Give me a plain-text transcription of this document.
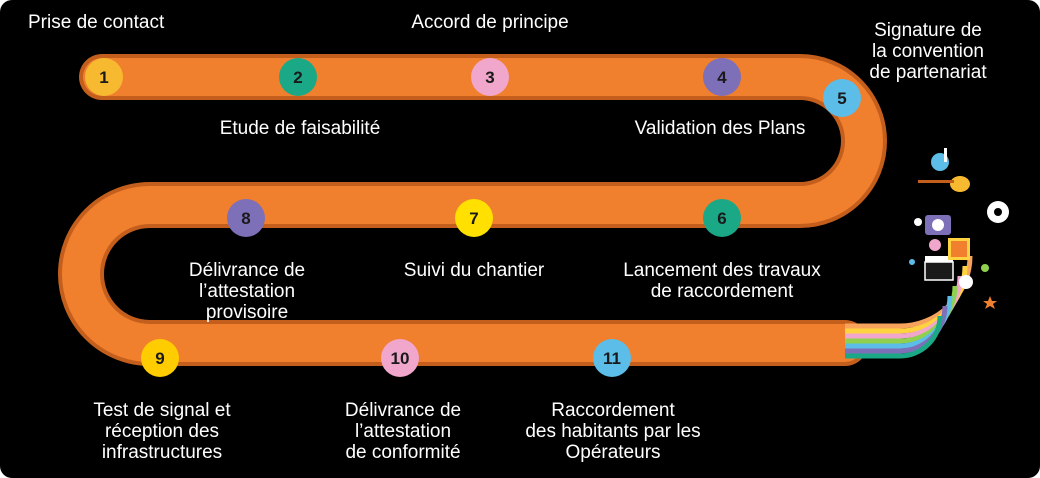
1	2	3	4
5
6
7
8
9	10	11
Prise de contact
Etude de faisabilité
Accord de principe
Validation des Plans
Signature de
la convention
de partenariat
Lancement des travaux
de raccordement
Suivi du chantier
Délivrance de
l’attestation
provisoire
Test de signal et
réception des
infrastructures
Délivrance de
l’attestation
de conformité
Raccordement
des habitants par les
Opérateurs
